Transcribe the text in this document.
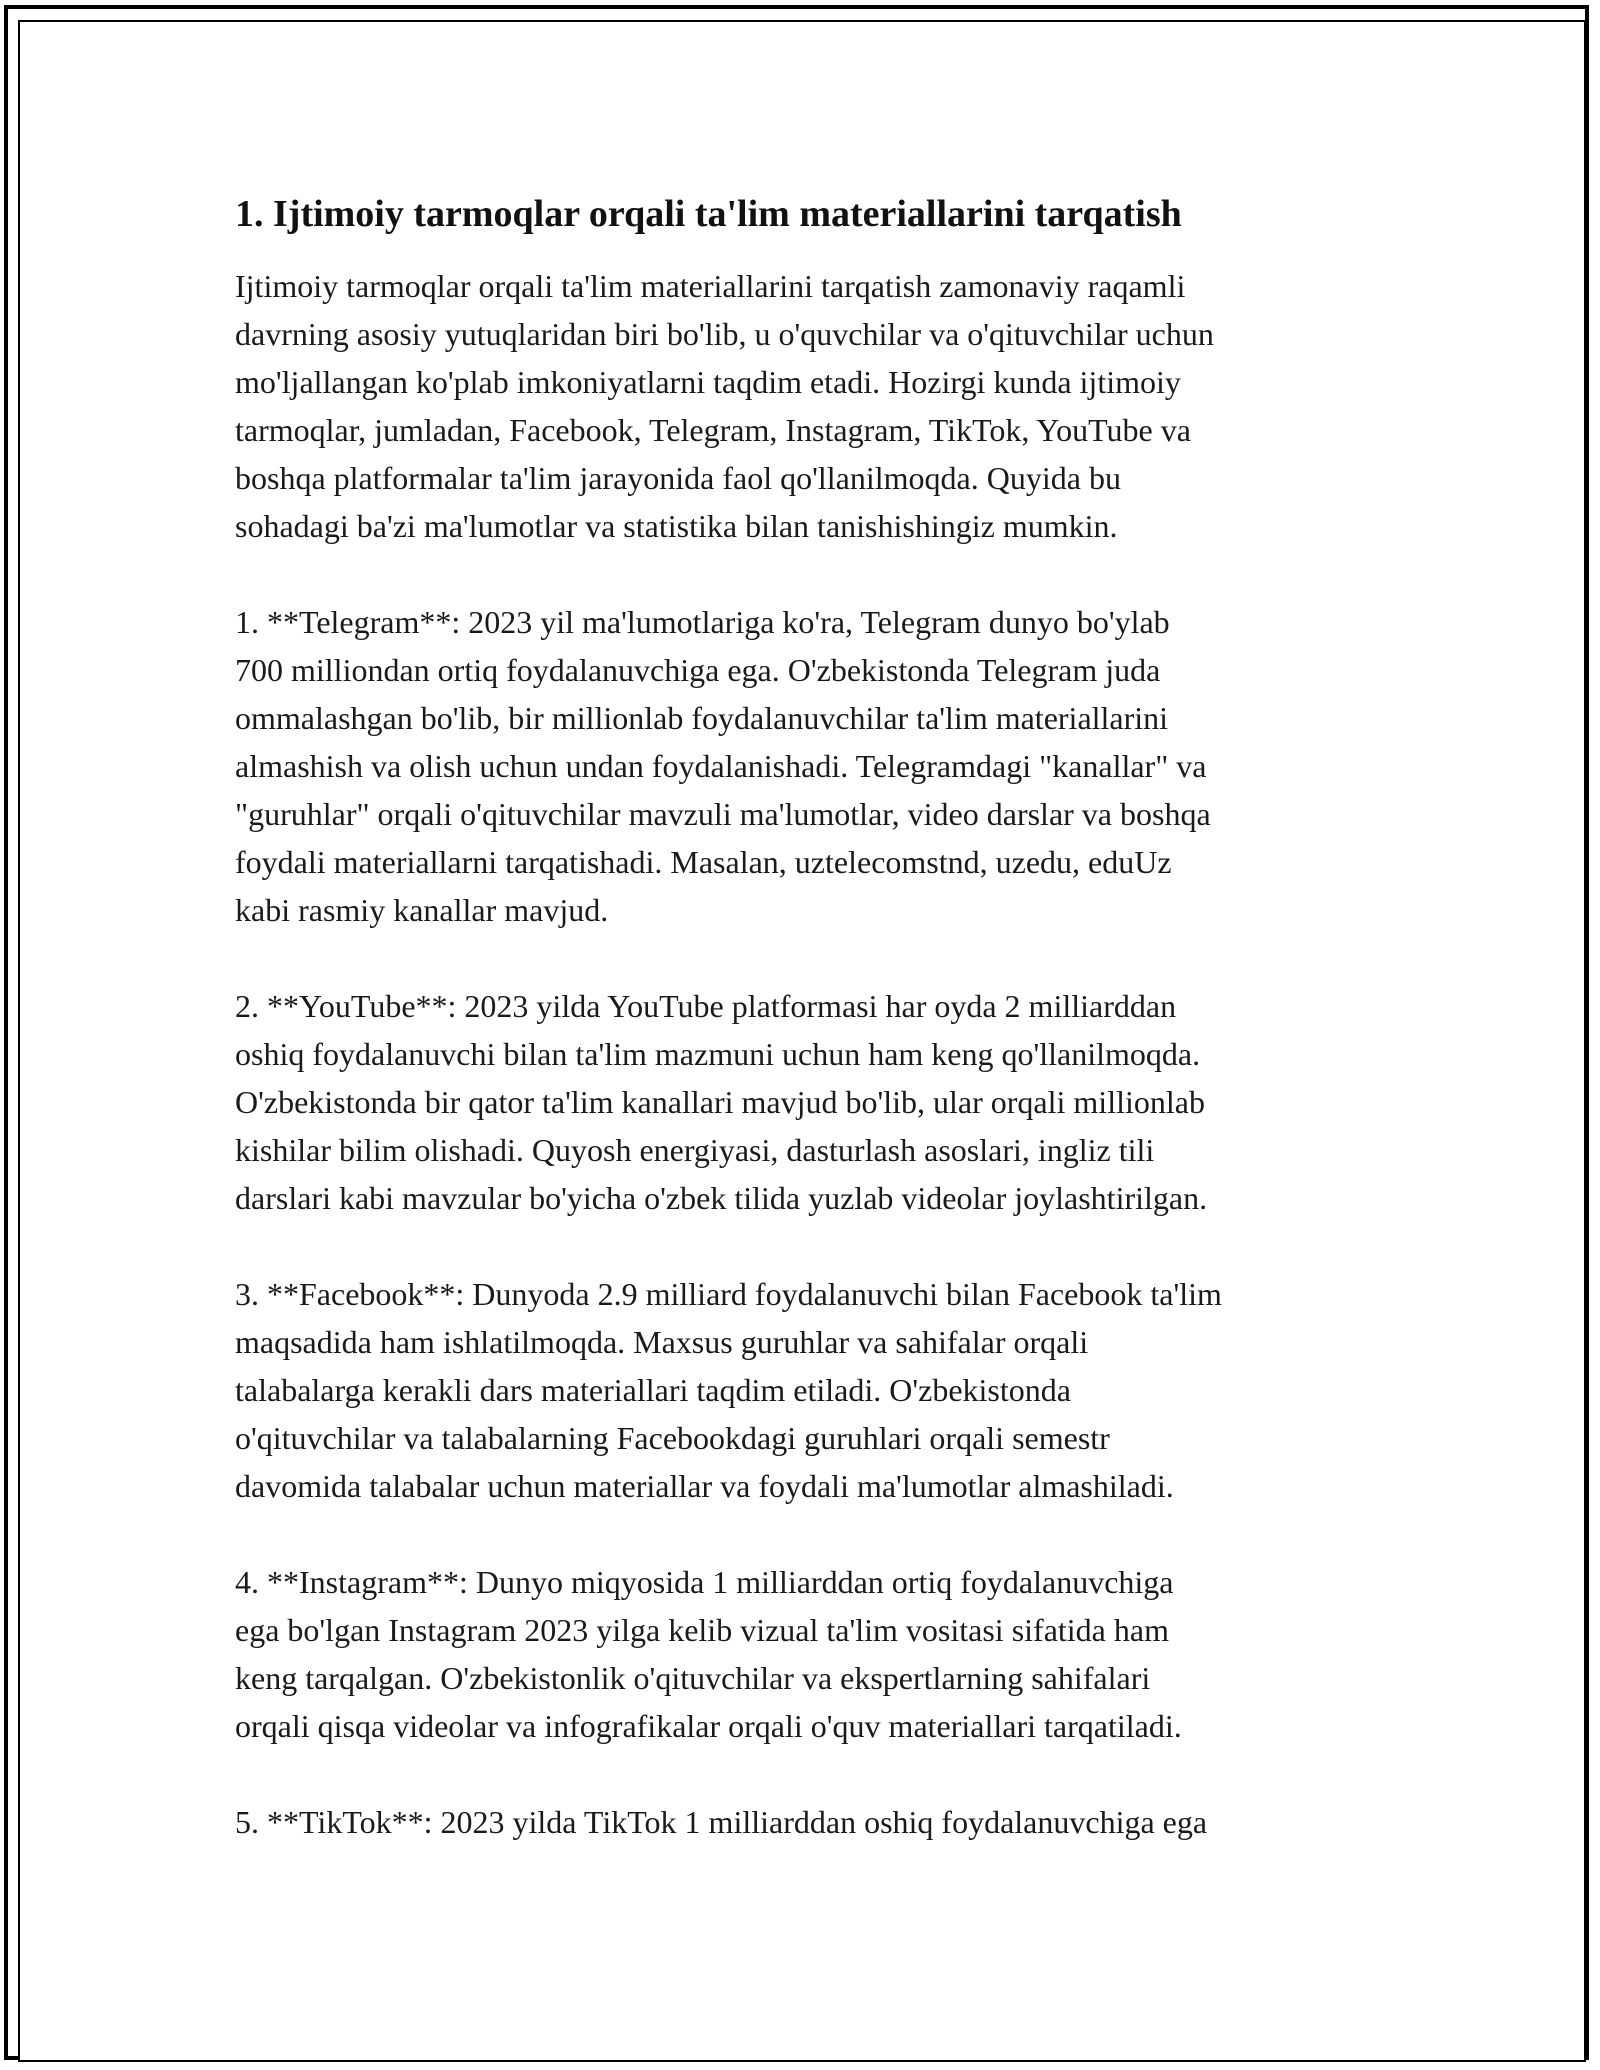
1. Ijtimoiy tarmoqlar orqali ta'lim materiallarini tarqatish

Ijtimoiy tarmoqlar orqali ta'lim materiallarini tarqatish zamonaviy raqamli
davrning asosiy yutuqlaridan biri bo'lib, u o'quvchilar va o'qituvchilar uchun
mo'ljallangan ko'plab imkoniyatlarni taqdim etadi. Hozirgi kunda ijtimoiy
tarmoqlar, jumladan, Facebook, Telegram, Instagram, TikTok, YouTube va
boshqa platformalar ta'lim jarayonida faol qo'llanilmoqda. Quyida bu
sohadagi ba'zi ma'lumotlar va statistika bilan tanishishingiz mumkin.

1. **Telegram**: 2023 yil ma'lumotlariga ko'ra, Telegram dunyo bo'ylab
700 milliondan ortiq foydalanuvchiga ega. O'zbekistonda Telegram juda
ommalashgan bo'lib, bir millionlab foydalanuvchilar ta'lim materiallarini
almashish va olish uchun undan foydalanishadi. Telegramdagi "kanallar" va
"guruhlar" orqali o'qituvchilar mavzuli ma'lumotlar, video darslar va boshqa
foydali materiallarni tarqatishadi. Masalan, uztelecomstnd, uzedu, eduUz
kabi rasmiy kanallar mavjud.

2. **YouTube**: 2023 yilda YouTube platformasi har oyda 2 milliarddan
oshiq foydalanuvchi bilan ta'lim mazmuni uchun ham keng qo'llanilmoqda.
O'zbekistonda bir qator ta'lim kanallari mavjud bo'lib, ular orqali millionlab
kishilar bilim olishadi. Quyosh energiyasi, dasturlash asoslari, ingliz tili
darslari kabi mavzular bo'yicha o'zbek tilida yuzlab videolar joylashtirilgan.

3. **Facebook**: Dunyoda 2.9 milliard foydalanuvchi bilan Facebook ta'lim
maqsadida ham ishlatilmoqda. Maxsus guruhlar va sahifalar orqali
talabalarga kerakli dars materiallari taqdim etiladi. O'zbekistonda
o'qituvchilar va talabalarning Facebookdagi guruhlari orqali semestr
davomida talabalar uchun materiallar va foydali ma'lumotlar almashiladi.

4. **Instagram**: Dunyo miqyosida 1 milliarddan ortiq foydalanuvchiga
ega bo'lgan Instagram 2023 yilga kelib vizual ta'lim vositasi sifatida ham
keng tarqalgan. O'zbekistonlik o'qituvchilar va ekspertlarning sahifalari
orqali qisqa videolar va infografikalar orqali o'quv materiallari tarqatiladi.

5. **TikTok**: 2023 yilda TikTok 1 milliarddan oshiq foydalanuvchiga ega
